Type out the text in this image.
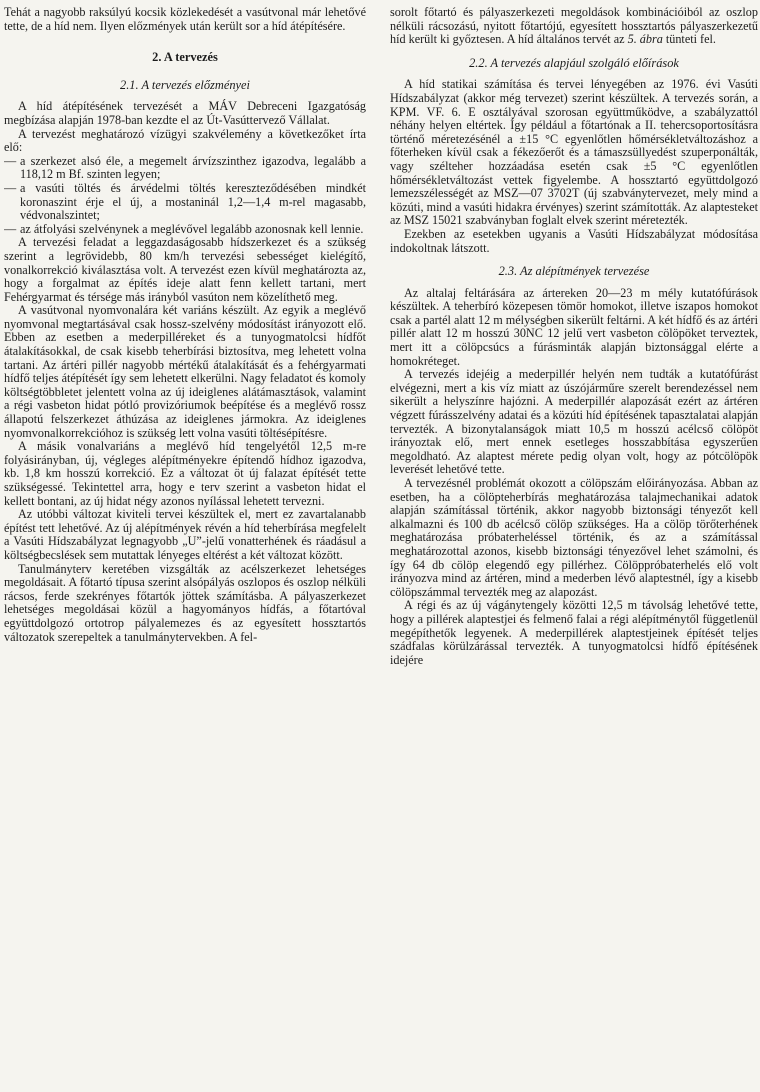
Tehát a nagyobb raksúlyú kocsik közlekedését a vasútvonal már lehetővé tette, de a híd nem. Ilyen előzmények után került sor a híd átépítésére.

2. A tervezés
2.1. A tervezés előzményei

A híd átépítésének tervezését a MÁV Debreceni Igazgatóság megbízása alapján 1978-ban kezdte el az Út-Vasúttervező Vállalat.

A tervezést meghatározó vízügyi szakvélemény a következőket írta elő:

— a szerkezet alsó éle, a megemelt árvízszinthez igazodva, legalább a 118,12 m Bf. szinten legyen;
— a vasúti töltés és árvédelmi töltés kereszteződésében mindkét koronaszint érje el új, a mostaninál 1,2—1,4 m-rel magasabb, védvonalszintet;
— az átfolyási szelvénynek a meglévővel legalább azonosnak kell lennie.

A tervezési feladat a leggazdaságosabb hídszerkezet és a szükség szerint a legrövidebb, 80 km/h tervezési sebességet kielégítő, vonalkorrekció kiválasztása volt. A tervezést ezen kívül meghatározta az, hogy a forgalmat az építés ideje alatt fenn kellett tartani, mert Fehérgyarmat és térsége más irányból vasúton nem közelíthető meg.

A vasútvonal nyomvonalára két variáns készült. Az egyik a meglévő nyomvonal megtartásával csak hossz-szelvény módosítást irányozott elő. Ebben az esetben a mederpilléreket és a tunyogmatolcsi hídfőt átalakításokkal, de csak kisebb teherbírási biztosítva, meg lehetett volna tartani. Az ártéri pillér nagyobb mértékű átalakítását és a fehérgyarmati hídfő teljes átépítését így sem lehetett elkerülni. Nagy feladatot és komoly költségtöbbletet jelentett volna az új ideiglenes alátámasztások, valamint a régi vasbeton hidat pótló provizóriumok beépítése és a meglévő rossz állapotú felszerkezet áthúzása az ideiglenes jármokra. Az ideiglenes nyomvonalkorrekcióhoz is szükség lett volna vasúti töltésépítésre.

A másik vonalvariáns a meglévő híd tengelyétől 12,5 m-re folyásirányban, új, végleges alépítményekre építendő hídhoz igazodva, kb. 1,8 km hosszú korrekció. Ez a változat öt új falazat építését tette szükségessé. Tekintettel arra, hogy e terv szerint a vasbeton hidat el kellett bontani, az új hidat négy azonos nyílással lehetett tervezni.

Az utóbbi változat kiviteli tervei készültek el, mert ez zavartalanabb építést tett lehetővé. Az új alépítmények révén a híd teherbírása megfelelt a Vasúti Hídszabályzat legnagyobb „U”-jelű vonatterhének és ráadásul a költségbecslések sem mutattak lényeges eltérést a két változat között.

Tanulmányterv keretében vizsgálták az acélszerkezet lehetséges megoldásait. A főtartó típusa szerint alsópályás oszlopos és oszlop nélküli rácsos, ferde szekrényes főtartók jöttek számításba. A pályaszerkezet lehetséges megoldásai közül a hagyományos hídfás, a főtartóval együttdolgozó ortotrop pályalemezes és az egyesített hossztartós változatok szerepeltek a tanulmánytervekben. A fel-

sorolt főtartó és pályaszerkezeti megoldások kombinációiból az oszlop nélküli rácsozású, nyitott főtartójú, egyesített hossztartós pályaszerkezetű híd került ki győztesen. A híd általános tervét az 5. ábra tünteti fel.

2.2. A tervezés alapjául szolgáló előírások

A híd statikai számítása és tervei lényegében az 1976. évi Vasúti Hídszabályzat (akkor még tervezet) szerint készültek. A tervezés során, a KPM. VF. 6. E osztályával szorosan együttműködve, a szabályzattól néhány helyen eltértek. Így például a főtartónak a II. tehercsoportosításra történő méretezésénél a ±15 °C egyenlőtlen hőmérsékletváltozáshoz a főterheken kívül csak a fékezőerőt és a támaszsüllyedést szuperponálták, vagy szélteher hozzáadása esetén csak ±5 °C egyenlőtlen hőmérsékletváltozást vettek figyelembe. A hossztartó együttdolgozó lemezszélességét az MSZ—07 3702T (új szabványtervezet, mely mind a közúti, mind a vasúti hidakra érvényes) szerint számították. Az alaptesteket az MSZ 15021 szabványban foglalt elvek szerint méretezték.

Ezekben az esetekben ugyanis a Vasúti Hídszabályzat módosítása indokoltnak látszott.

2.3. Az alépítmények tervezése

Az altalaj feltárására az ártereken 20—23 m mély kutatófúrások készültek. A teherbíró közepesen tömör homokot, illetve iszapos homokot csak a partél alatt 12 m mélységben sikerült feltárni. A két hídfő és az ártéri pillér alatt 12 m hosszú 30NC 12 jelű vert vasbeton cölöpöket terveztek, mert itt a cölöpcsúcs a fúrásminták alapján biztonsággal elérte a homokréteget.

A tervezés idejéig a mederpillér helyén nem tudták a kutatófúrást elvégezni, mert a kis víz miatt az úszójárműre szerelt berendezéssel nem sikerült a helyszínre hajózni. A mederpillér alapozását ezért az ártéren végzett fúrásszelvény adatai és a közúti híd építésének tapasztalatai alapján tervezték. A bizonytalanságok miatt 10,5 m hosszú acélcső cölöpöt irányoztak elő, mert ennek esetleges hosszabbítása egyszerűen megoldható. Az alaptest mérete pedig olyan volt, hogy az pótcölöpök leverését lehetővé tette.

A tervezésnél problémát okozott a cölöpszám előirányozása. Abban az esetben, ha a cölöpteherbírás meghatározása talajmechanikai adatok alapján számítással történik, akkor nagyobb biztonsági tényezőt kell alkalmazni és 100 db acélcső cölöp szükséges. Ha a cölöp törőterhének meghatározása próbaterheléssel történik, és az a számítással meghatározottal azonos, kisebb biztonsági tényezővel lehet számolni, és így 64 db cölöp elegendő egy pillérhez. Cölöppróbaterhelés elő volt irányozva mind az ártéren, mind a mederben lévő alaptestnél, így a kisebb cölöpszámmal tervezték meg az alapozást.

A régi és az új vágánytengely közötti 12,5 m távolság lehetővé tette, hogy a pillérek alaptestjei és felmenő falai a régi alépítménytől függetlenül megépíthetők legyenek. A mederpillérek alaptestjeinek építését teljes szádfalas körülzárással tervezték. A tunyogmatolcsi hídfő építésének idejére
